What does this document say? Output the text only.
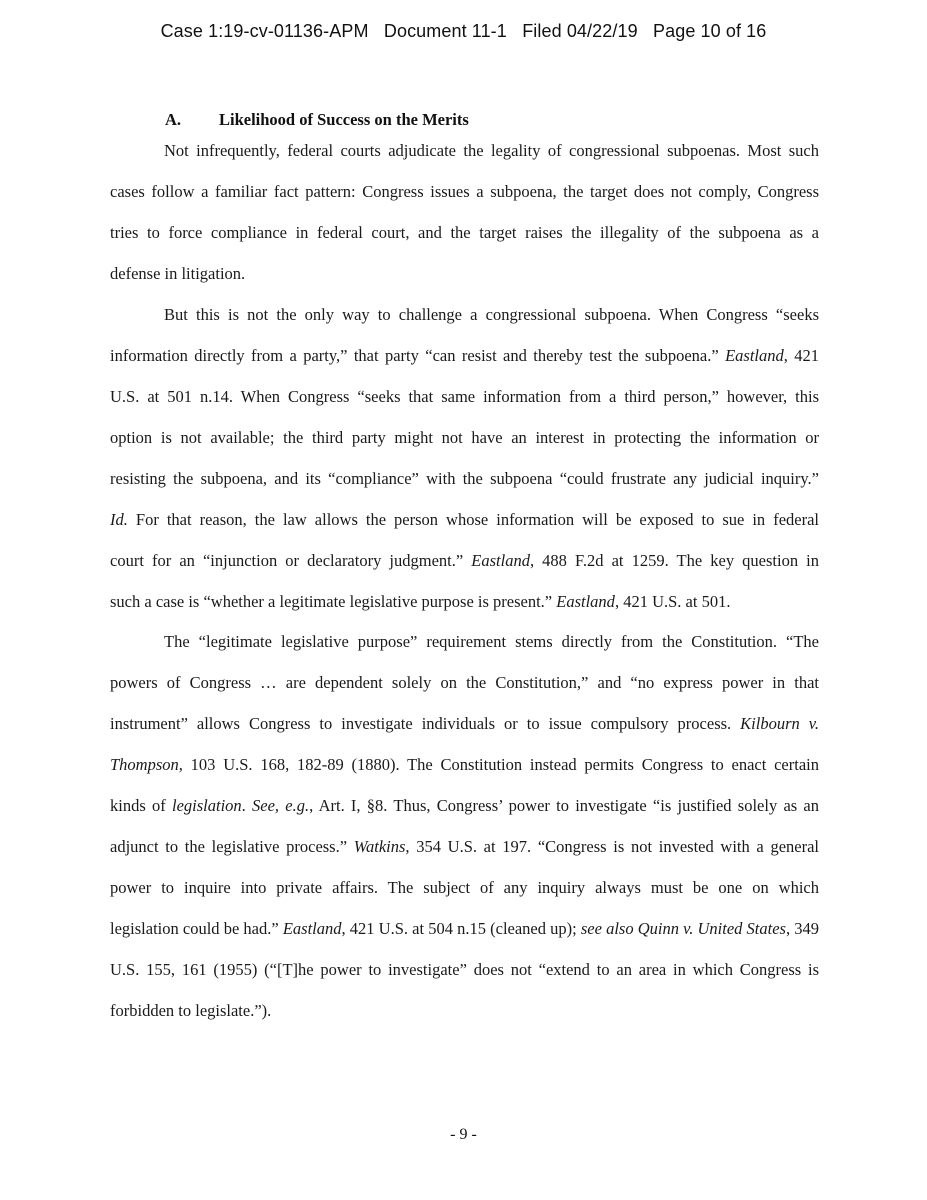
Case 1:19-cv-01136-APM Document 11-1 Filed 04/22/19 Page 10 of 16
A. Likelihood of Success on the Merits
Not infrequently, federal courts adjudicate the legality of congressional subpoenas. Most such
cases follow a familiar fact pattern: Congress issues a subpoena, the target does not comply, Congress
tries to force compliance in federal court, and the target raises the illegality of the subpoena as a
defense in litigation.
But this is not the only way to challenge a congressional subpoena. When Congress “seeks
information directly from a party,” that party “can resist and thereby test the subpoena.” Eastland, 421
U.S. at 501 n.14. When Congress “seeks that same information from a third person,” however, this
option is not available; the third party might not have an interest in protecting the information or
resisting the subpoena, and its “compliance” with the subpoena “could frustrate any judicial inquiry.”
Id. For that reason, the law allows the person whose information will be exposed to sue in federal
court for an “injunction or declaratory judgment.” Eastland, 488 F.2d at 1259. The key question in
such a case is “whether a legitimate legislative purpose is present.” Eastland, 421 U.S. at 501.
The “legitimate legislative purpose” requirement stems directly from the Constitution. “The
powers of Congress … are dependent solely on the Constitution,” and “no express power in that
instrument” allows Congress to investigate individuals or to issue compulsory process. Kilbourn v.
Thompson, 103 U.S. 168, 182-89 (1880). The Constitution instead permits Congress to enact certain
kinds of legislation. See, e.g., Art. I, §8. Thus, Congress’ power to investigate “is justified solely as an
adjunct to the legislative process.” Watkins, 354 U.S. at 197. “Congress is not invested with a general
power to inquire into private affairs. The subject of any inquiry always must be one on which
legislation could be had.” Eastland, 421 U.S. at 504 n.15 (cleaned up); see also Quinn v. United States, 349
U.S. 155, 161 (1955) (“[T]he power to investigate” does not “extend to an area in which Congress is
forbidden to legislate.”).
- 9 -
